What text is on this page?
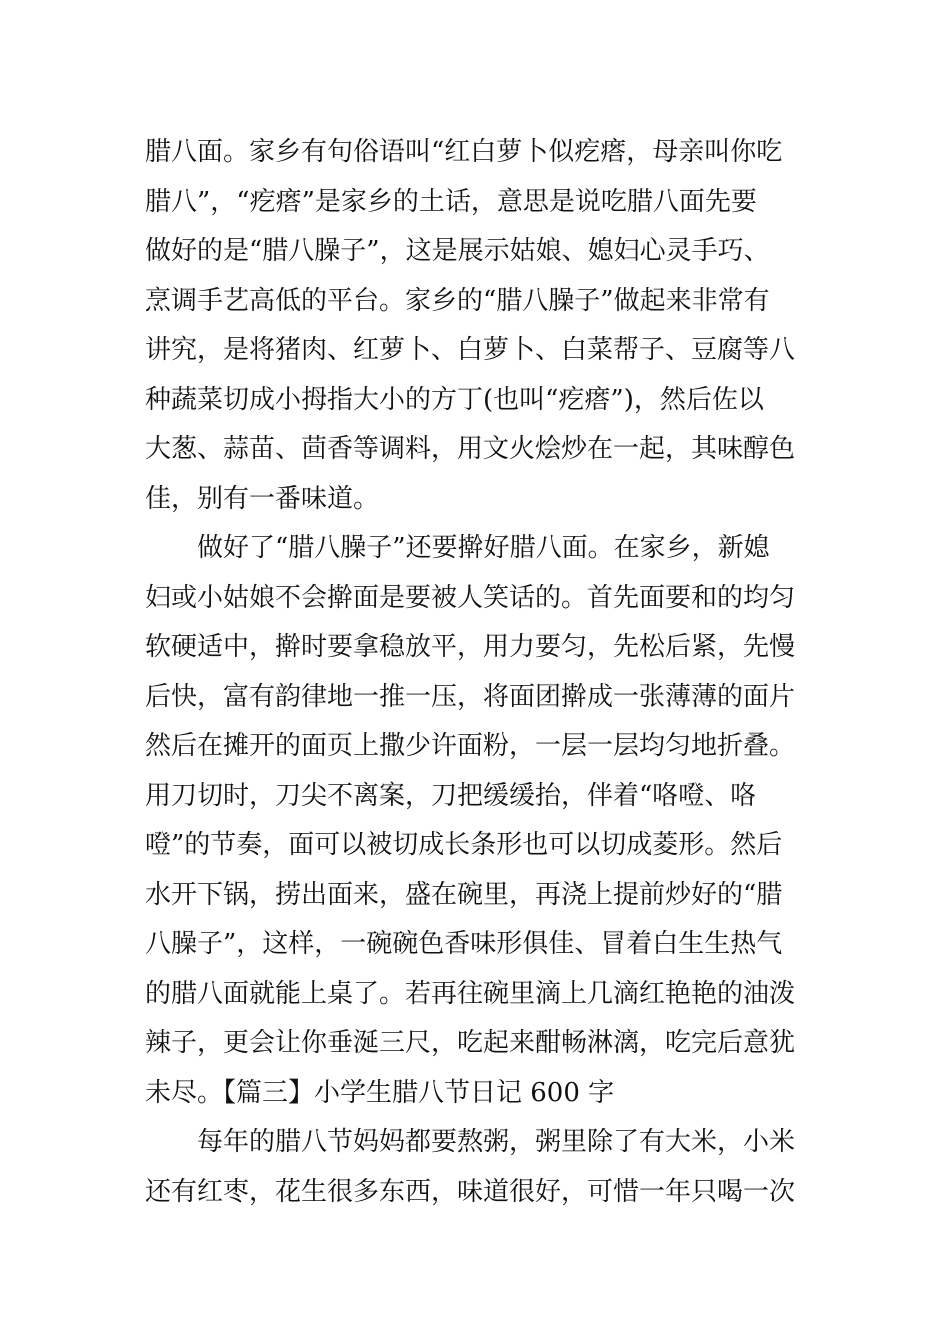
腊八面。家乡有句俗语叫“红白萝卜似疙瘩，母亲叫你吃
腊八”，“疙瘩”是家乡的土话，意思是说吃腊八面先要
做好的是“腊八臊子”，这是展示姑娘、媳妇心灵手巧、
烹调手艺高低的平台。家乡的“腊八臊子”做起来非常有
讲究，是将猪肉、红萝卜、白萝卜、白菜帮子、豆腐等八
种蔬菜切成小拇指大小的方丁(也叫“疙瘩”)，然后佐以
大葱、蒜苗、茴香等调料，用文火烩炒在一起，其味醇色
佳，别有一番味道。
做好了“腊八臊子”还要擀好腊八面。在家乡，新媳
妇或小姑娘不会擀面是要被人笑话的。首先面要和的均匀
软硬适中，擀时要拿稳放平，用力要匀，先松后紧，先慢
后快，富有韵律地一推一压，将面团擀成一张薄薄的面片
然后在摊开的面页上撒少许面粉，一层一层均匀地折叠。
用刀切时，刀尖不离案，刀把缓缓抬，伴着“咯噔、咯
噔”的节奏，面可以被切成长条形也可以切成菱形。然后
水开下锅，捞出面来，盛在碗里，再浇上提前炒好的“腊
八臊子”，这样，一碗碗色香味形俱佳、冒着白生生热气
的腊八面就能上桌了。若再往碗里滴上几滴红艳艳的油泼
辣子，更会让你垂涎三尺，吃起来酣畅淋漓，吃完后意犹
未尽。【篇三】小学生腊八节日记 600 字
每年的腊八节妈妈都要熬粥，粥里除了有大米，小米
还有红枣，花生很多东西，味道很好，可惜一年只喝一次
